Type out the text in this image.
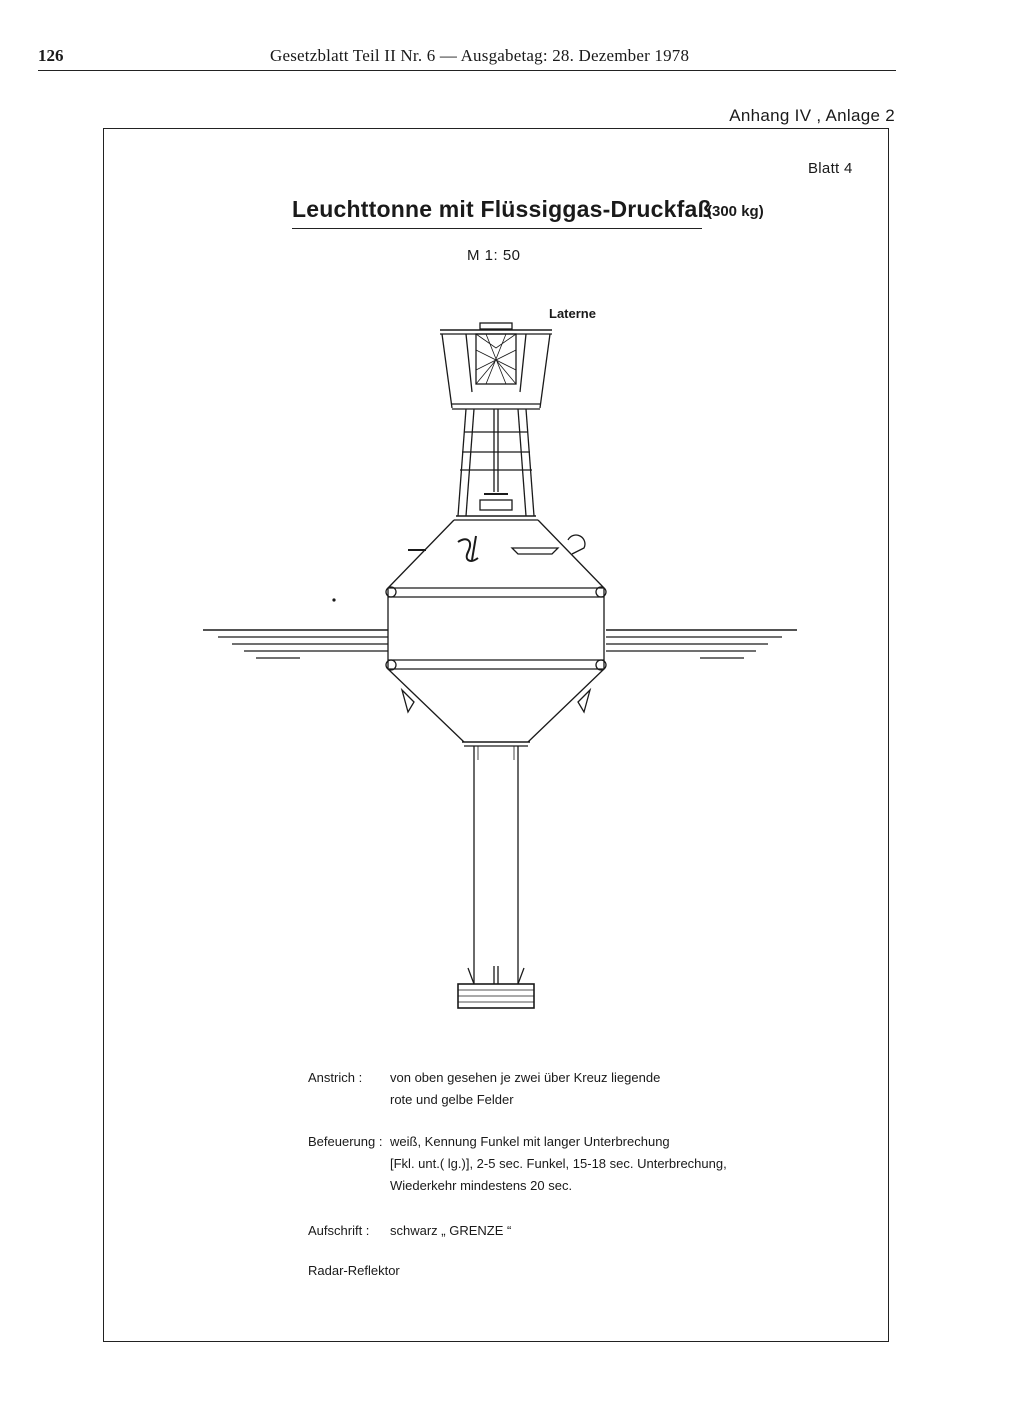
126	Gesetzblatt Teil II Nr. 6 — Ausgabetag: 28. Dezember 1978
Anhang IV , Anlage 2
Blatt 4
Leuchttonne mit Flüssiggas-Druckfaß
(300 kg)
M 1: 50
Laterne
Anstrich : von oben gesehen je zwei über Kreuz liegende
rote und gelbe Felder
Befeuerung : weiß, Kennung Funkel mit langer Unterbrechung
[Fkl. unt.( lg.)], 2-5 sec. Funkel, 15-18 sec. Unterbrechung,
Wiederkehr mindestens 20 sec.
Aufschrift : schwarz „ GRENZE “
Radar-Reflektor
